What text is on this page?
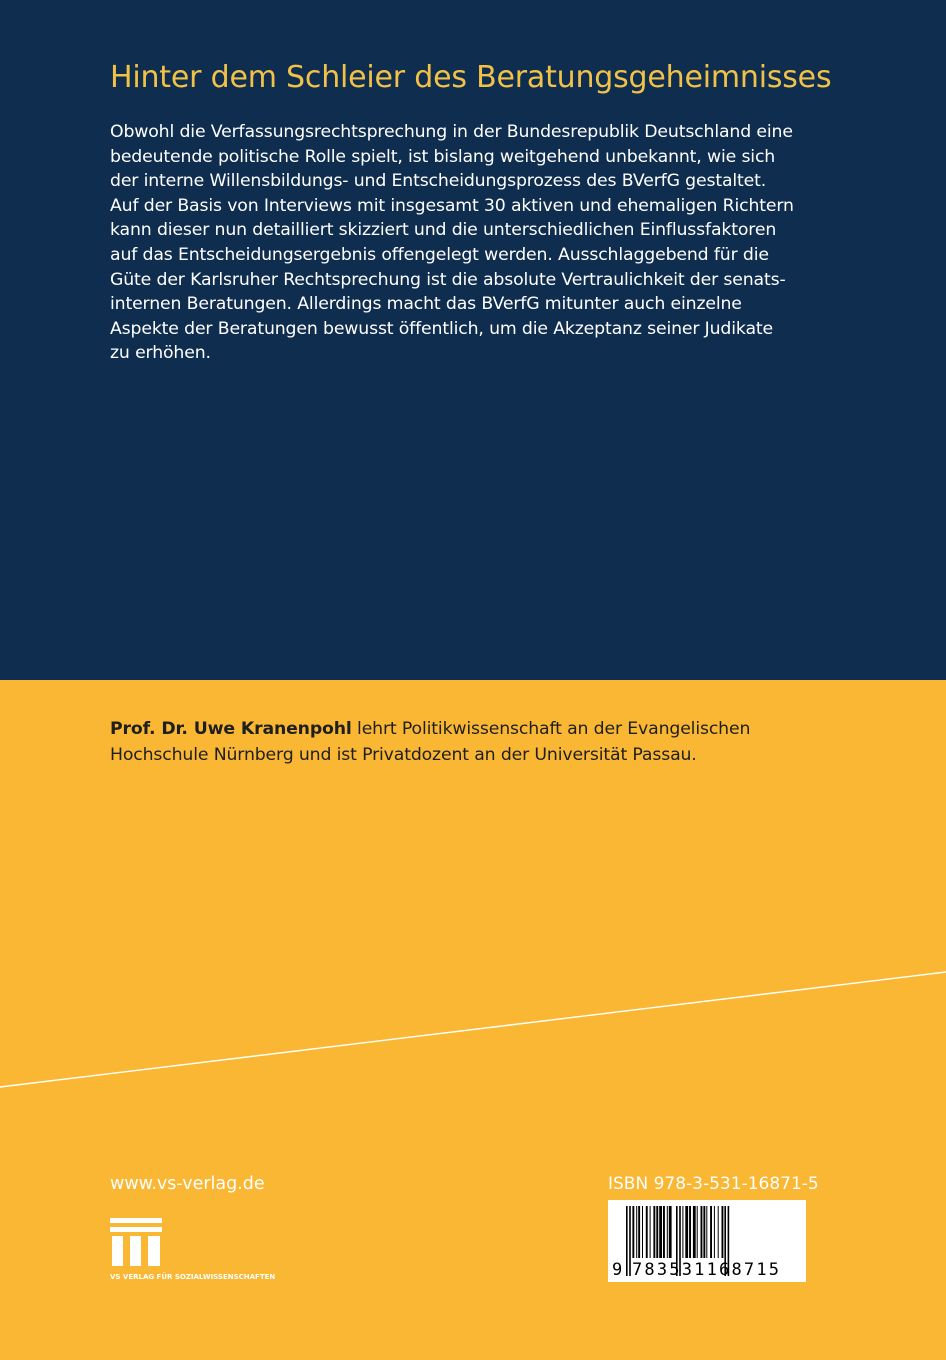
Hinter dem Schleier des Beratungsgeheimnisses
Obwohl die Verfassungsrechtsprechung in der Bundesrepublik Deutschland eine
bedeutende politische Rolle spielt, ist bislang weitgehend unbekannt, wie sich
der interne Willensbildungs- und Entscheidungsprozess des BVerfG gestaltet.
Auf der Basis von Interviews mit insgesamt 30 aktiven und ehemaligen Richtern
kann dieser nun detailliert skizziert und die unterschiedlichen Einflussfaktoren
auf das Entscheidungsergebnis offengelegt werden. Ausschlaggebend für die
Güte der Karlsruher Rechtsprechung ist die absolute Vertraulichkeit der senats-
internen Beratungen. Allerdings macht das BVerfG mitunter auch einzelne
Aspekte der Beratungen bewusst öffentlich, um die Akzeptanz seiner Judikate
zu erhöhen.
Prof. Dr. Uwe Kranenpohl lehrt Politikwissenschaft an der Evangelischen
Hochschule Nürnberg und ist Privatdozent an der Universität Passau.
www.vs-verlag.de
VS VERLAG FÜR SOZIALWISSENSCHAFTEN
ISBN 978-3-531-16871-5
9 783531168715
